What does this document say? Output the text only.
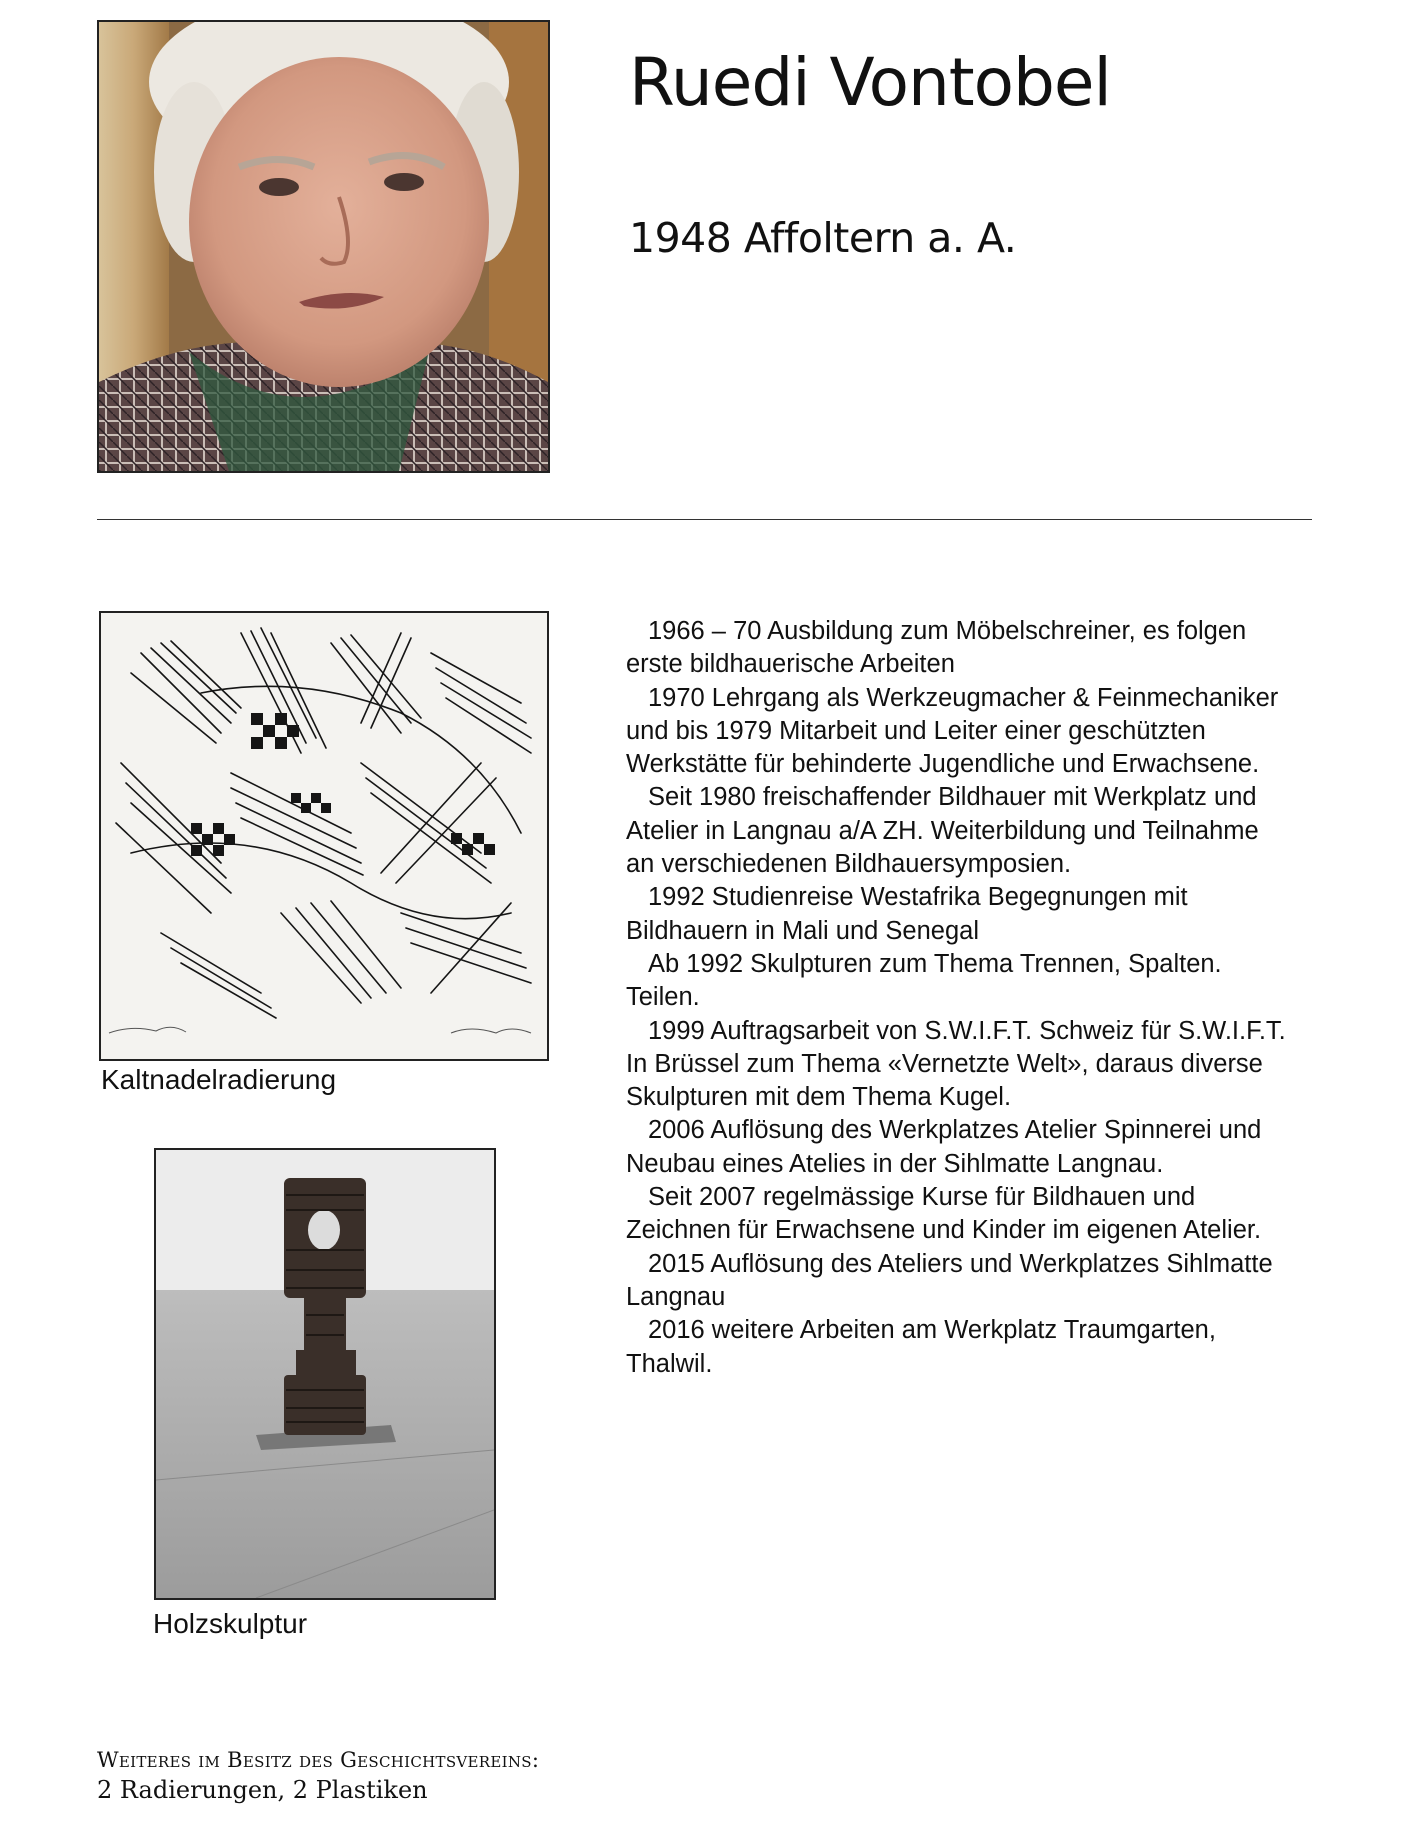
Ruedi Vontobel
1948 Affoltern a. A.
Kaltnadelradierung
Holzskulptur

1966 – 70 Ausbildung zum Möbelschreiner, es folgen erste bildhauerische Arbeiten

1970 Lehrgang als Werkzeugmacher & Feinmechaniker und bis 1979 Mitarbeit und Leiter einer geschützten Werkstätte für behinderte Jugendliche und Erwachsene.

Seit 1980 freischaffender Bildhauer mit Werkplatz und Atelier in Langnau a/A ZH. Weiterbildung und Teilnahme an verschiedenen Bildhauersymposien.

1992 Studienreise Westafrika Begegnungen mit Bildhauern in Mali und Senegal

Ab 1992 Skulpturen zum Thema Trennen, Spalten. Teilen.

1999 Auftragsarbeit von S.W.I.F.T. Schweiz für S.W.I.F.T. In Brüssel zum Thema «Vernetzte Welt», daraus diverse Skulpturen mit dem Thema Kugel.

2006 Auflösung des Werkplatzes Atelier Spinnerei und Neubau eines Atelies in der Sihlmatte Langnau.

Seit 2007 regelmässige Kurse für Bildhauen und Zeichnen für Erwachsene und Kinder im eigenen Atelier.

2015 Auflösung des Ateliers und Werkplatzes Sihlmatte Langnau

2016 weitere Arbeiten am Werkplatz Traumgarten, Thalwil.

Weiteres im Besitz des Geschichtsvereins:
2 Radierungen, 2 Plastiken
